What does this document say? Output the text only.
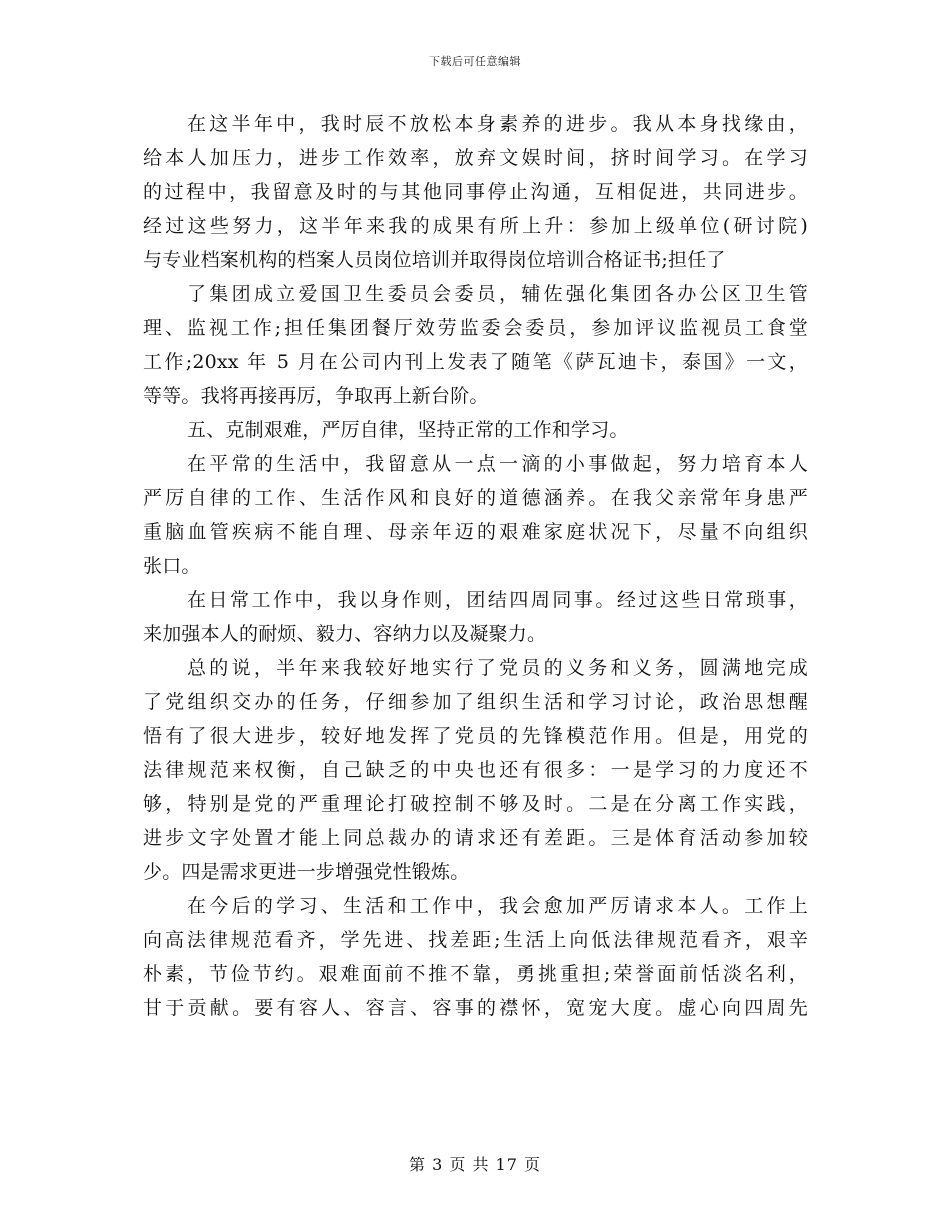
下载后可任意编辑
在这半年中，我时辰不放松本身素养的进步。我从本身找缘由，
给本人加压力，进步工作效率，放弃文娱时间，挤时间学习。在学习
的过程中，我留意及时的与其他同事停止沟通，互相促进，共同进步。
经过这些努力，这半年来我的成果有所上升：参加上级单位(研讨院)
与专业档案机构的档案人员岗位培训并取得岗位培训合格证书;担任了
了集团成立爱国卫生委员会委员，辅佐强化集团各办公区卫生管
理、监视工作;担任集团餐厅效劳监委会委员，参加评议监视员工食堂
工作;20xx 年 5 月在公司内刊上发表了随笔《萨瓦迪卡，泰国》一文，
等等。我将再接再厉，争取再上新台阶。
五、克制艰难，严厉自律，坚持正常的工作和学习。
在平常的生活中，我留意从一点一滴的小事做起，努力培育本人
严厉自律的工作、生活作风和良好的道德涵养。在我父亲常年身患严
重脑血管疾病不能自理、母亲年迈的艰难家庭状况下，尽量不向组织
张口。
在日常工作中，我以身作则，团结四周同事。经过这些日常琐事，
来加强本人的耐烦、毅力、容纳力以及凝聚力。
总的说，半年来我较好地实行了党员的义务和义务，圆满地完成
了党组织交办的任务，仔细参加了组织生活和学习讨论，政治思想醒
悟有了很大进步，较好地发挥了党员的先锋模范作用。但是，用党的
法律规范来权衡，自己缺乏的中央也还有很多：一是学习的力度还不
够，特别是党的严重理论打破控制不够及时。二是在分离工作实践，
进步文字处置才能上同总裁办的请求还有差距。三是体育活动参加较
少。四是需求更进一步增强党性锻炼。
在今后的学习、生活和工作中，我会愈加严厉请求本人。工作上
向高法律规范看齐，学先进、找差距;生活上向低法律规范看齐，艰辛
朴素，节俭节约。艰难面前不推不靠，勇挑重担;荣誉面前恬淡名利，
甘于贡献。要有容人、容言、容事的襟怀，宽宠大度。虚心向四周先
第 3 页 共 17 页
